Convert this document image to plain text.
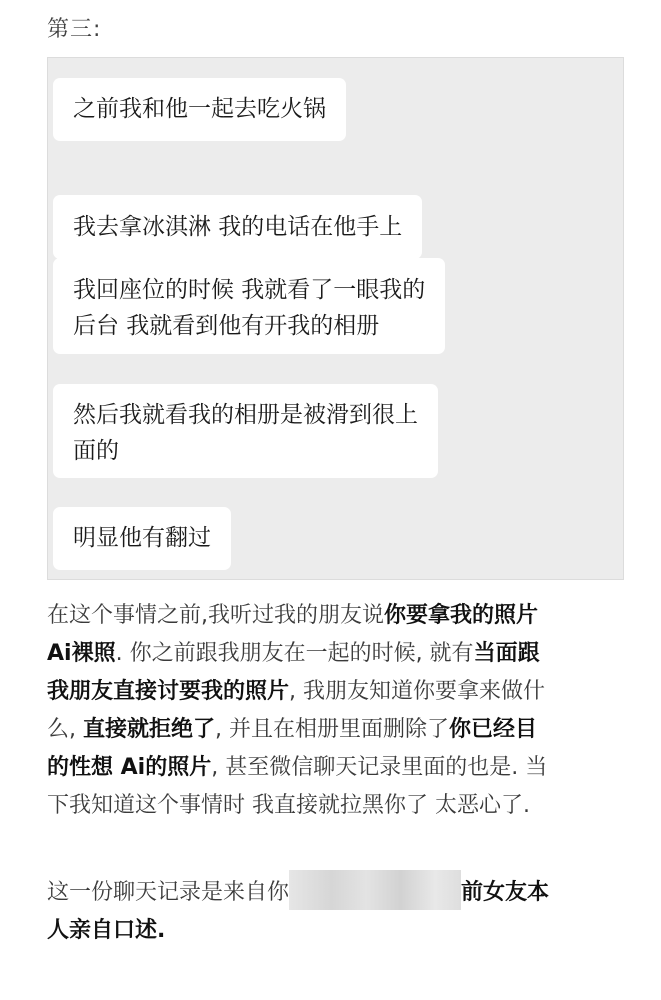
第三:
之前我和他一起去吃火锅
我去拿冰淇淋 我的电话在他手上
我回座位的时候 我就看了一眼我的
后台 我就看到他有开我的相册
然后我就看我的相册是被滑到很上
面的
明显他有翻过
在这个事情之前,我听过我的朋友说你要拿我的照片
Ai裸照. 你之前跟我朋友在一起的时候, 就有当面跟
我朋友直接讨要我的照片, 我朋友知道你要拿来做什
么, 直接就拒绝了, 并且在相册里面删除了你已经目
的性想 Ai的照片, 甚至微信聊天记录里面的也是. 当
下我知道这个事情时 我直接就拉黑你了 太恶心了.
这一份聊天记录是来自你	前女友本
人亲自口述.
